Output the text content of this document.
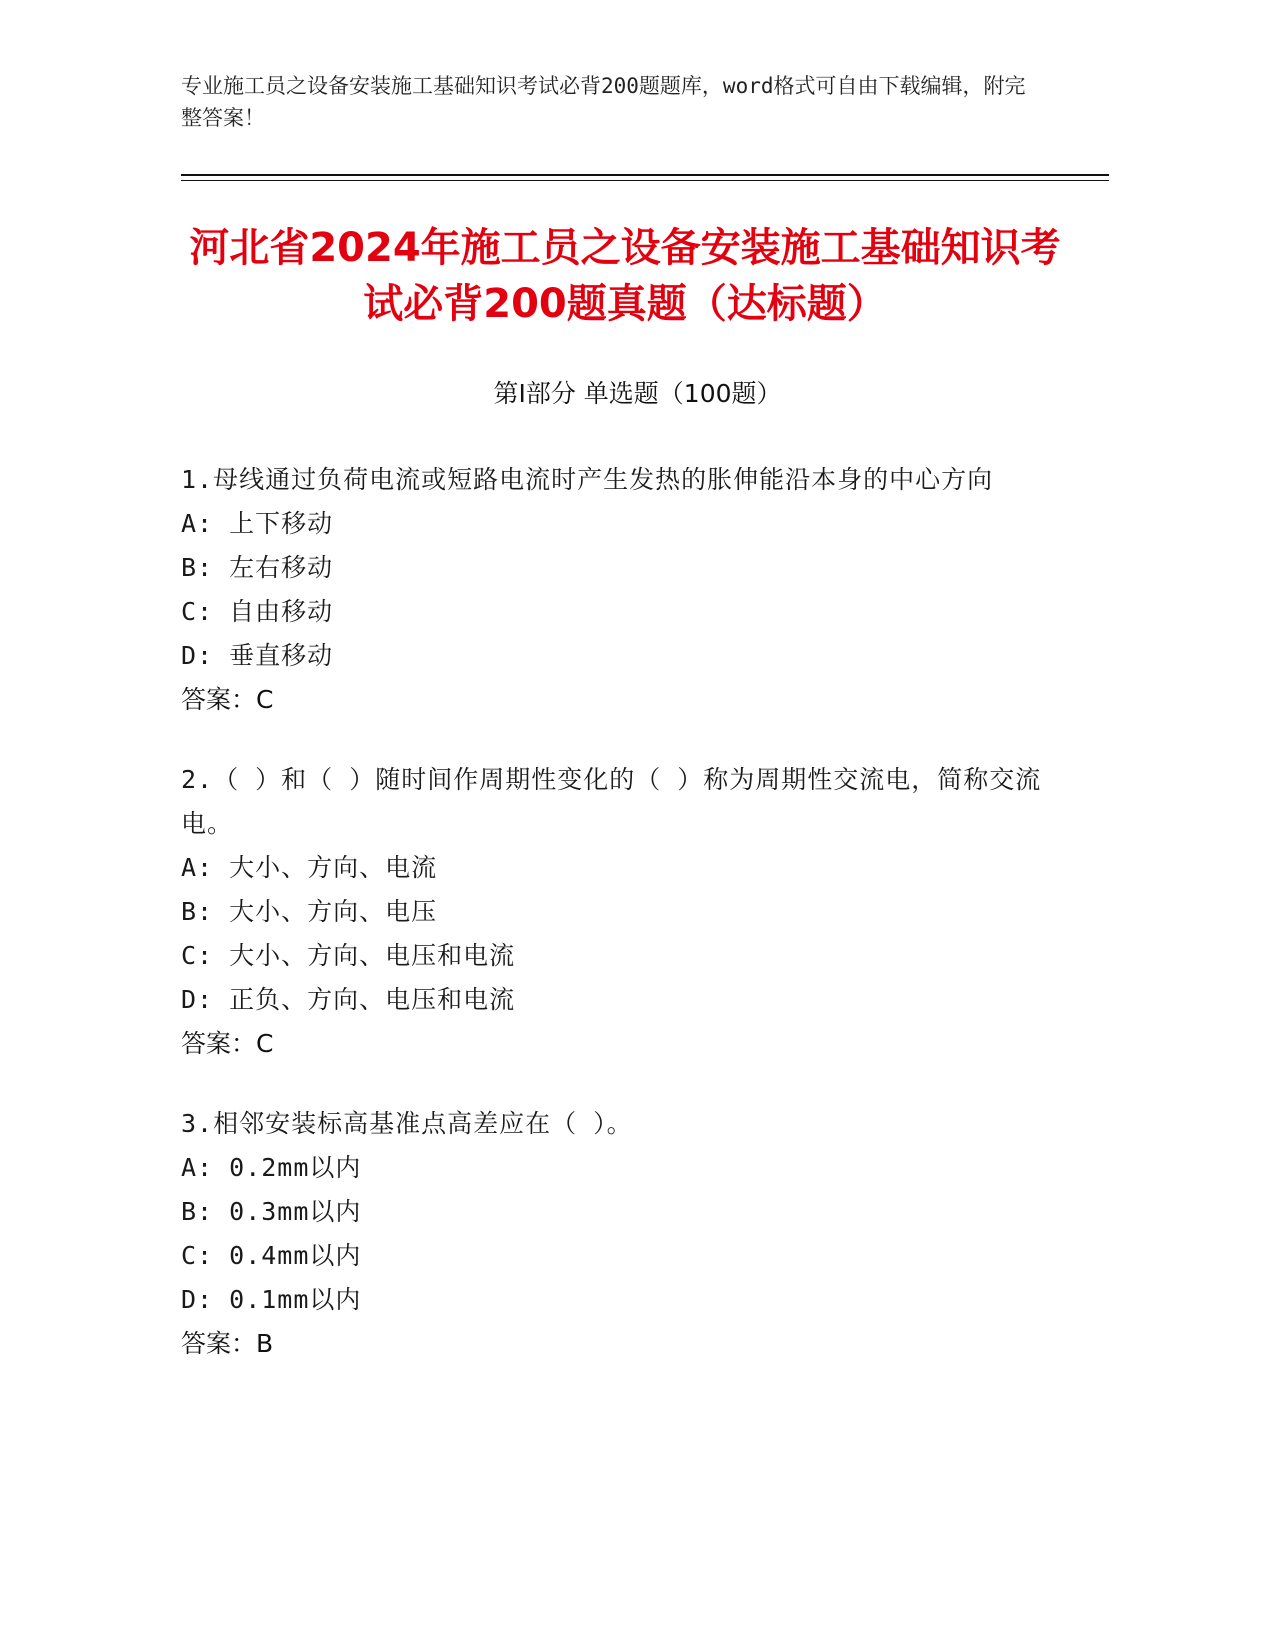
专业施工员之设备安装施工基础知识考试必背200题题库，word格式可自由下载编辑，附完整答案！
河北省2024年施工员之设备安装施工基础知识考试必背200题真题（达标题）
第I部分 单选题（100题）
1.母线通过负荷电流或短路电流时产生发热的胀伸能沿本身的中心方向
A: 上下移动
B: 左右移动
C: 自由移动
D: 垂直移动
答案：C
2.（ ）和（ ）随时间作周期性变化的（ ）称为周期性交流电，简称交流电。
A: 大小、方向、电流
B: 大小、方向、电压
C: 大小、方向、电压和电流
D: 正负、方向、电压和电流
答案：C
3.相邻安装标高基准点高差应在（ ）。
A: 0.2mm以内
B: 0.3mm以内
C: 0.4mm以内
D: 0.1mm以内
答案：B
